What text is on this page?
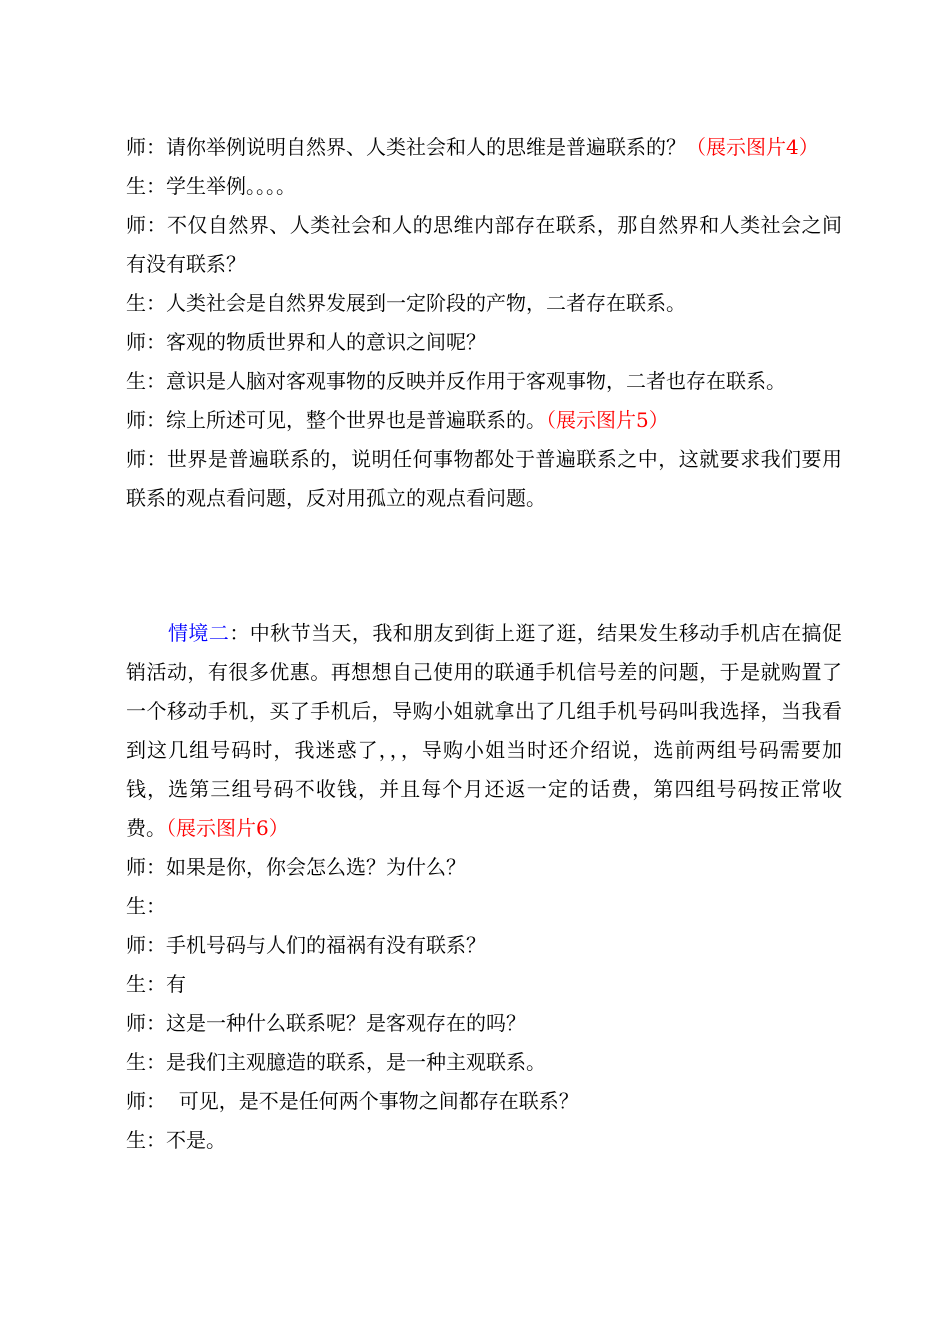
师：请你举例说明自然界、人类社会和人的思维是普遍联系的？（展示图片4）

生：学生举例。。。。

师：不仅自然界、人类社会和人的思维内部存在联系，那自然界和人类社会之间有没有联系？

生：人类社会是自然界发展到一定阶段的产物，二者存在联系。

师：客观的物质世界和人的意识之间呢？

生：意识是人脑对客观事物的反映并反作用于客观事物，二者也存在联系。

师：综上所述可见，整个世界也是普遍联系的。（展示图片5）

师：世界是普遍联系的，说明任何事物都处于普遍联系之中，这就要求我们要用联系的观点看问题，反对用孤立的观点看问题。

情境二：中秋节当天，我和朋友到街上逛了逛，结果发生移动手机店在搞促销活动，有很多优惠。再想想自己使用的联通手机信号差的问题，于是就购置了一个移动手机，买了手机后，导购小姐就拿出了几组手机号码叫我选择，当我看到这几组号码时，我迷惑了，，，导购小姐当时还介绍说，选前两组号码需要加钱，选第三组号码不收钱，并且每个月还返一定的话费，第四组号码按正常收费。（展示图片6）

师：如果是你，你会怎么选？为什么？

生：

师：手机号码与人们的福祸有没有联系？

生：有

师：这是一种什么联系呢？是客观存在的吗？

生：是我们主观臆造的联系，是一种主观联系。

师：  可见，是不是任何两个事物之间都存在联系？

生：不是。
